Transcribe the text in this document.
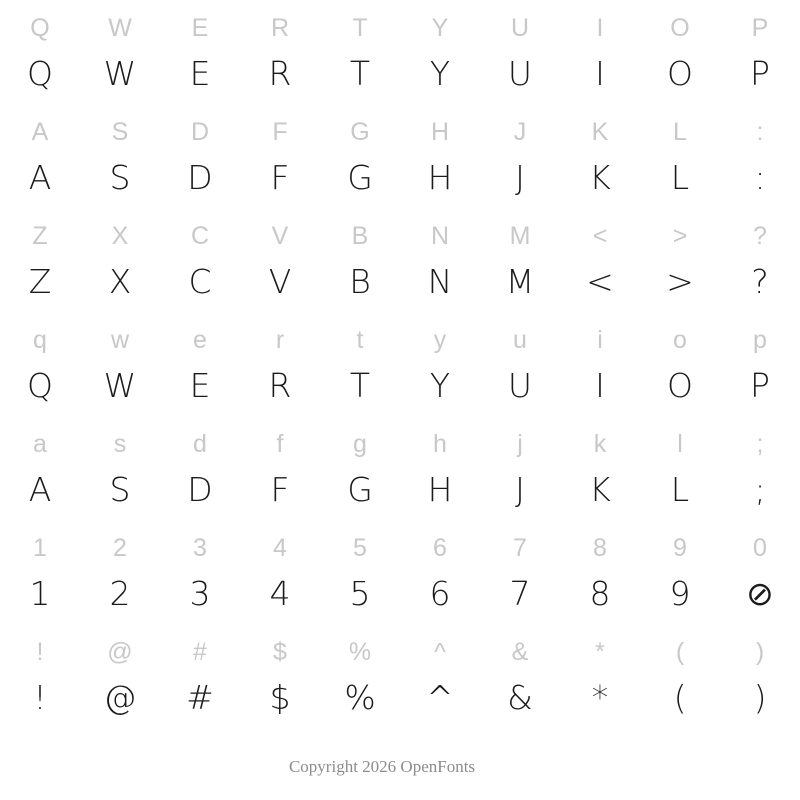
Q	W	E	R	T	Y	U	I	O	P
Q	W	E	R	T	Y	U	I	O	P
A	S	D	F	G	H	J	K	L	:
A	S	D	F	G	H	J	K	L	:
Z	X	C	V	B	N	M	<	>	?
Z	X	C	V	B	N	M	<	>	?
q	w	e	r	t	y	u	i	o	p
Q	W	E	R	T	Y	U	I	O	P
a	s	d	f	g	h	j	k	l	;
A	S	D	F	G	H	J	K	L	;
1	2	3	4	5	6	7	8	9	0
1	2	3	4	5	6	7	8	9	⊘
!	@	#	$	%	^	&	*	(	)
!	@	#	$	%	^	&	*	(	)
Copyright 2026 OpenFonts
